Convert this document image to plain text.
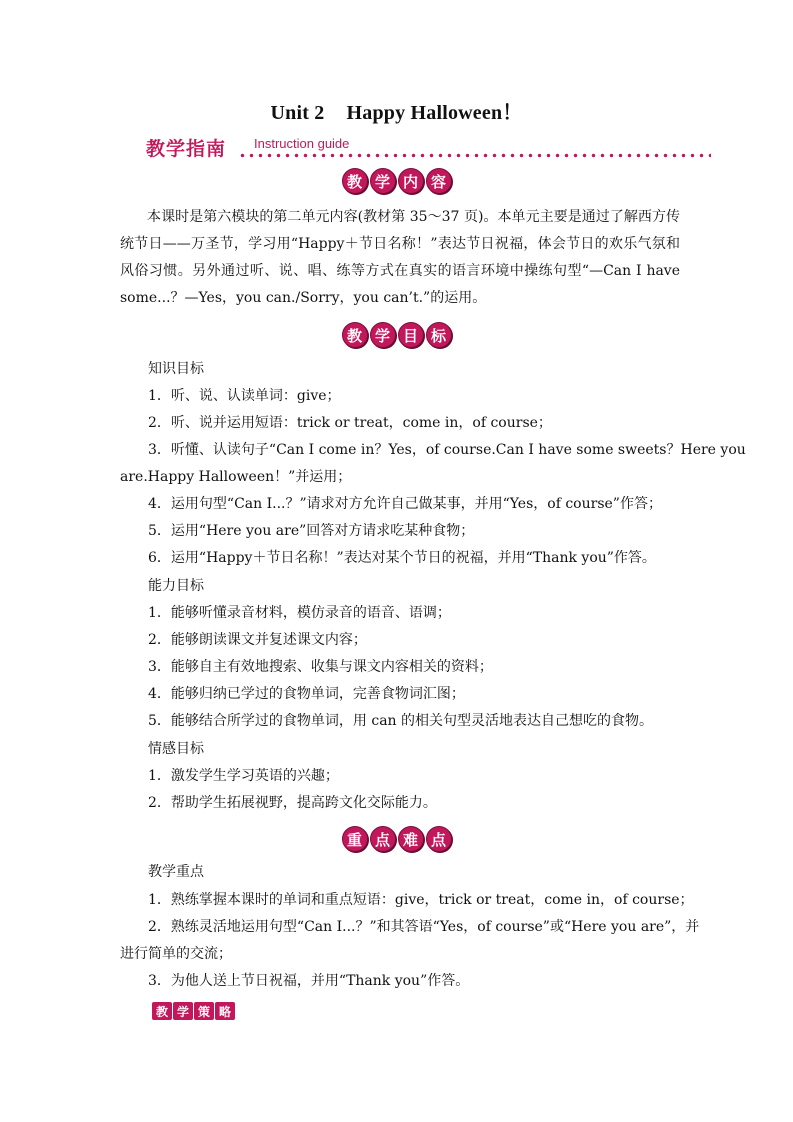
Unit 2 Happy Halloween！
教学指南 Instruction guide
教 学 内 容
本课时是第六模块的第二单元内容(教材第 35～37 页)。本单元主要是通过了解西方传统节日——万圣节，学习用“Happy＋节日名称！”表达节日祝福，体会节日的欢乐气氛和风俗习惯。另外通过听、说、唱、练等方式在真实的语言环境中操练句型“—Can I have some...？—Yes，you can./Sorry，you can’t.”的运用。
教 学 目 标
知识目标
1．听、说、认读单词：give；
2．听、说并运用短语：trick or treat，come in，of course；
3．听懂、认读句子“Can I come in？Yes，of course.Can I have some sweets？Here you
are.Happy Halloween！”并运用；
4．运用句型“Can I...？”请求对方允许自己做某事，并用“Yes，of course”作答；
5．运用“Here you are”回答对方请求吃某种食物；
6．运用“Happy＋节日名称！”表达对某个节日的祝福，并用“Thank you”作答。
能力目标
1．能够听懂录音材料，模仿录音的语音、语调；
2．能够朗读课文并复述课文内容；
3．能够自主有效地搜索、收集与课文内容相关的资料；
4．能够归纳已学过的食物单词，完善食物词汇图；
5．能够结合所学过的食物单词，用 can 的相关句型灵活地表达自己想吃的食物。
情感目标
1．激发学生学习英语的兴趣；
2．帮助学生拓展视野，提高跨文化交际能力。
重 点 难 点
教学重点
1．熟练掌握本课时的单词和重点短语：give，trick or treat，come in，of course；
2．熟练灵活地运用句型“Can I...？”和其答语“Yes，of course”或“Here you are”，并
进行简单的交流；
3．为他人送上节日祝福，并用“Thank you”作答。
教 学 策 略
